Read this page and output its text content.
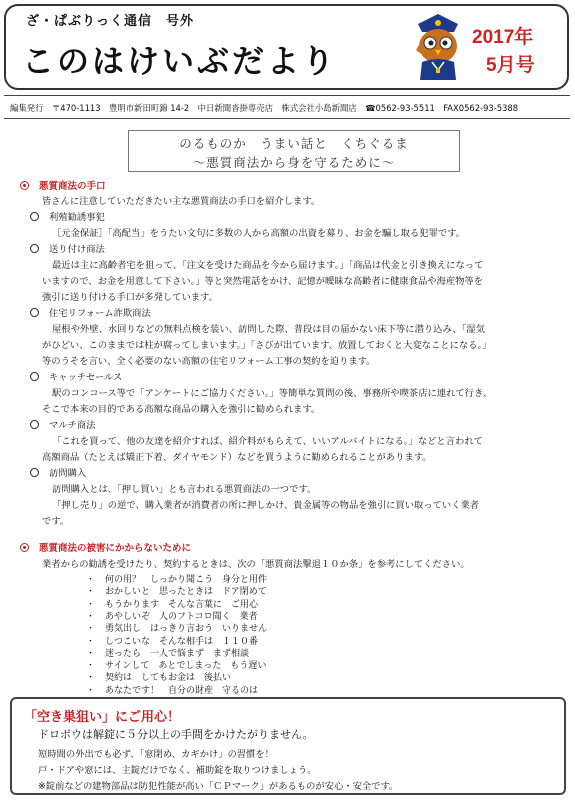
ざ・ぱぶりっく通信　号外
このはけいぶだより
2017年
5月号
編集発行　〒470-1113　豊明市新田町錦 14-2　中日新聞沓掛専売店　株式会社小島新聞店　☎0562-93-5511　FAX0562-93-5388
のるものか　うまい話と　くちぐるま
～悪質商法から身を守るために～
悪質商法の手口
皆さんに注意していただきたい主な悪質商法の手口を紹介します。
利殖勧誘事犯
［元金保証］「高配当」をうたい文句に多数の人から高額の出資を募り、お金を騙し取る犯罪です。
送り付け商法
最近は主に高齢者宅を狙って、「注文を受けた商品を今から届けます。」「商品は代金と引き換えになって
いますので、お金を用意して下さい。」等と突然電話をかけ、記憶が曖昧な高齢者に健康食品や海産物等を
強引に送り付ける手口が多発しています。
住宅リフォーム詐欺商法
屋根や外壁、水回りなどの無料点検を装い、訪問した際、普段は目の届かない床下等に潜り込み、「湿気
がひどい、このままでは柱が腐ってしまいます。」「さびが出ています、放置しておくと大変なことになる。」
等のうそを言い、全く必要のない高額の住宅リフォーム工事の契約を迫ります。
キャッチセールス
駅のコンコース等で「アンケートにご協力ください。」等簡単な質問の後、事務所や喫茶店に連れて行き、
そこで本来の目的である高額な商品の購入を強引に勧められます。
マルチ商法
「これを買って、他の友達を紹介すれば、紹介料がもらえて、いいアルバイトになる。」などと言われて
高額商品（たとえば矯正下着、ダイヤモンド）などを買うように勧められることがあります。
訪問購入
訪問購入とは、「押し買い」とも言われる悪質商法の一つです。
「押し売り」の逆で、購入業者が消費者の所に押しかけ、貴金属等の物品を強引に買い取っていく業者
です。
悪質商法の被害にかからないために
業者からの勧誘を受けたり、契約するときは、次の「悪質商法撃退１０か条」を参考にしてください。
「空き巣狙い」にご用心！
ドロボウは解錠に５分以上の手間をかけたがりません。
短時間の外出でも必ず、「窓閉め、カギかけ」の習慣を！
戸・ドアや窓には、主錠だけでなく、補助錠を取りつけましょう。
※錠前などの建物部品は防犯性能が高い「ＣＰマーク」があるものが安心・安全です。
・ 何の用？　しっかり聞こう　身分と用件
・ おかしいと　思ったときは　ドア閉めて
・ もうかります　そんな言葉に　ご用心
・ あやしいぞ　人のフトコロ聞く　業者
・ 勇気出し　はっきり言おう　いりません
・ しつこいな　そんな相手は　１１０番
・ 迷ったら　一人で悩まず　まず相談
・ サインして　あとでしまった　もう遅い
・ 契約は　してもお金は　後払い
・ あなたです！　自分の財産　守るのは
